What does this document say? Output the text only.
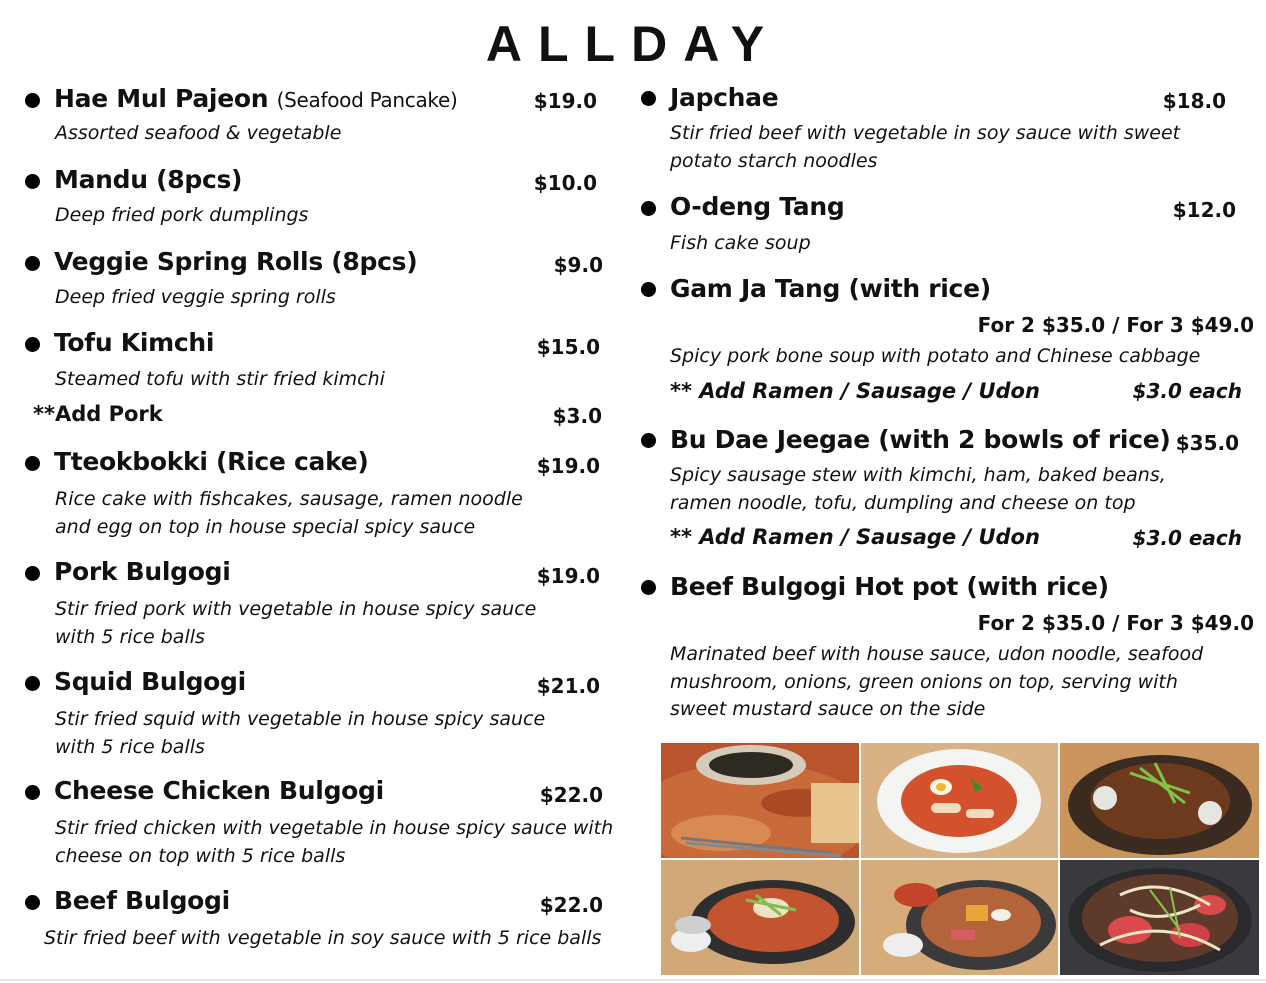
ALLDAY
Hae Mul Pajeon (Seafood Pancake)	$19.0
Assorted seafood & vegetable
Mandu (8pcs)	$10.0
Deep fried pork dumplings
Veggie Spring Rolls (8pcs)	$9.0
Deep fried veggie spring rolls
Tofu Kimchi	$15.0
Steamed tofu with stir fried kimchi
**Add Pork	$3.0
Tteokbokki (Rice cake)	$19.0
Rice cake with fishcakes, sausage, ramen noodle and egg on top in house special spicy sauce
Pork Bulgogi	$19.0
Stir fried pork with vegetable in house spicy sauce with 5 rice balls
Squid Bulgogi	$21.0
Stir fried squid with vegetable in house spicy sauce with 5 rice balls
Cheese Chicken Bulgogi	$22.0
Stir fried chicken with vegetable in house spicy sauce with cheese on top with 5 rice balls
Beef Bulgogi	$22.0
Stir fried beef with vegetable in soy sauce with 5 rice balls
Japchae	$18.0
Stir fried beef with vegetable in soy sauce with sweet potato starch noodles
O-deng Tang	$12.0
Fish cake soup
Gam Ja Tang (with rice)
For 2 $35.0 / For 3 $49.0
Spicy pork bone soup with potato and Chinese cabbage
** Add Ramen / Sausage / Udon	$3.0 each
Bu Dae Jeegae (with 2 bowls of rice) $35.0
Spicy sausage stew with kimchi, ham, baked beans, ramen noodle, tofu, dumpling and cheese on top
** Add Ramen / Sausage / Udon	$3.0 each
Beef Bulgogi Hot pot (with rice)
For 2 $35.0 / For 3 $49.0
Marinated beef with house sauce, udon noodle, seafood mushroom, onions, green onions on top, serving with sweet mustard sauce on the side
